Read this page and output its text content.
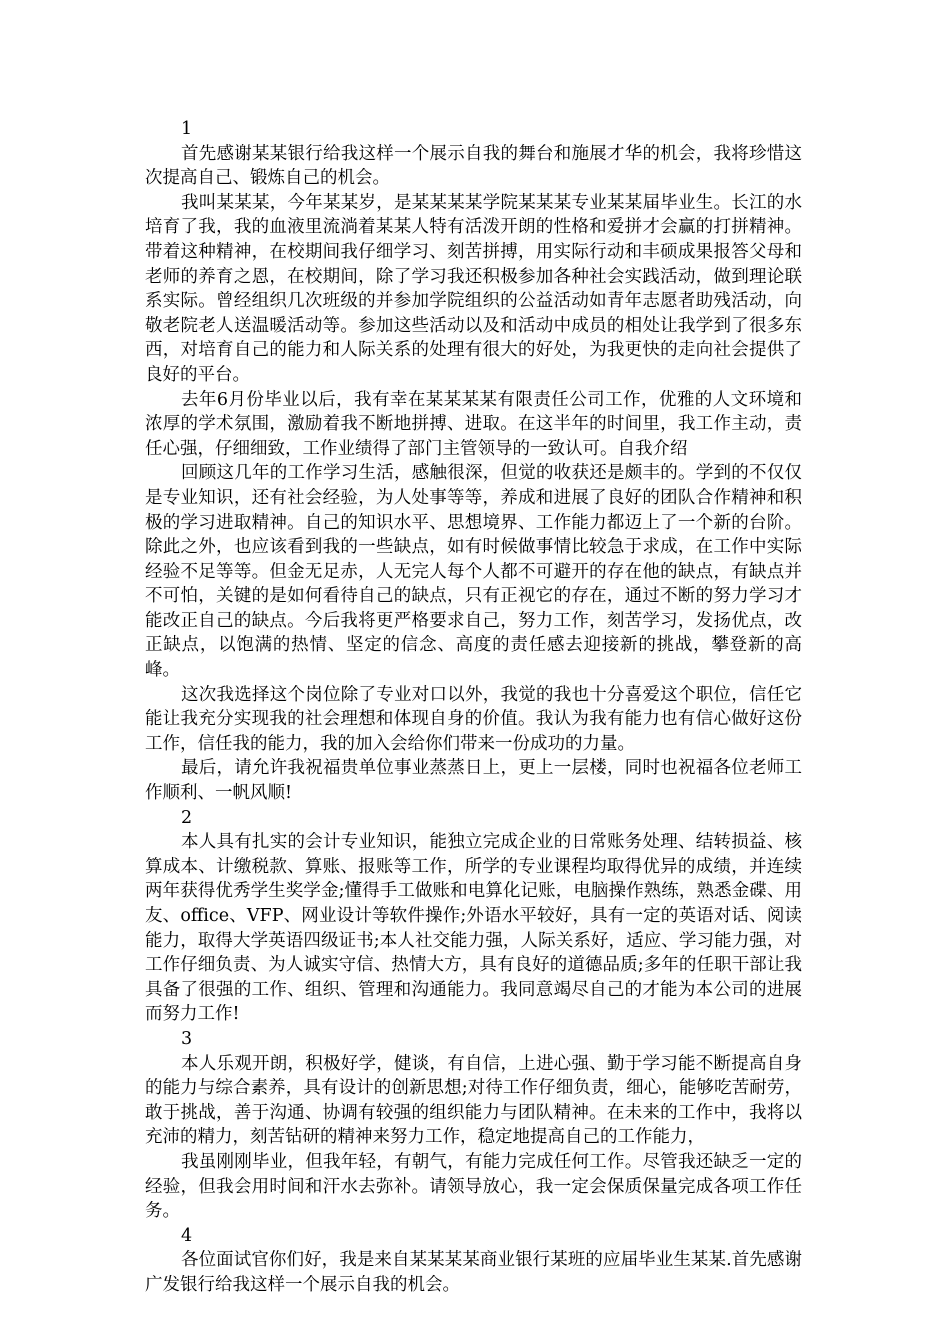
1

首先感谢某某银行给我这样一个展示自我的舞台和施展才华的机会，我将珍惜这次提高自己、锻炼自己的机会。

我叫某某某，今年某某岁，是某某某某学院某某某专业某某届毕业生。长江的水培育了我，我的血液里流淌着某某人特有活泼开朗的性格和爱拼才会赢的打拼精神。带着这种精神，在校期间我仔细学习、刻苦拼搏，用实际行动和丰硕成果报答父母和老师的养育之恩，在校期间，除了学习我还积极参加各种社会实践活动，做到理论联系实际。曾经组织几次班级的并参加学院组织的公益活动如青年志愿者助残活动，向敬老院老人送温暖活动等。参加这些活动以及和活动中成员的相处让我学到了很多东西，对培育自己的能力和人际关系的处理有很大的好处，为我更快的走向社会提供了良好的平台。

去年6月份毕业以后，我有幸在某某某某有限责任公司工作，优雅的人文环境和浓厚的学术氛围，激励着我不断地拼搏、进取。在这半年的时间里，我工作主动，责任心强，仔细细致，工作业绩得了部门主管领导的一致认可。自我介绍

回顾这几年的工作学习生活，感触很深，但觉的收获还是颇丰的。学到的不仅仅是专业知识，还有社会经验，为人处事等等，养成和进展了良好的团队合作精神和积极的学习进取精神。自己的知识水平、思想境界、工作能力都迈上了一个新的台阶。除此之外，也应该看到我的一些缺点，如有时候做事情比较急于求成，在工作中实际经验不足等等。但金无足赤，人无完人每个人都不可避开的存在他的缺点，有缺点并不可怕，关键的是如何看待自己的缺点，只有正视它的存在，通过不断的努力学习才能改正自己的缺点。今后我将更严格要求自己，努力工作，刻苦学习，发扬优点，改正缺点，以饱满的热情、坚定的信念、高度的责任感去迎接新的挑战，攀登新的高峰。

这次我选择这个岗位除了专业对口以外，我觉的我也十分喜爱这个职位，信任它能让我充分实现我的社会理想和体现自身的价值。我认为我有能力也有信心做好这份工作，信任我的能力，我的加入会给你们带来一份成功的力量。

最后，请允许我祝福贵单位事业蒸蒸日上，更上一层楼，同时也祝福各位老师工作顺利、一帆风顺!

2

本人具有扎实的会计专业知识，能独立完成企业的日常账务处理、结转损益、核算成本、计缴税款、算账、报账等工作，所学的专业课程均取得优异的成绩，并连续两年获得优秀学生奖学金;懂得手工做账和电算化记账，电脑操作熟练，熟悉金碟、用友、office、VFP、网业设计等软件操作;外语水平较好，具有一定的英语对话、阅读能力，取得大学英语四级证书;本人社交能力强，人际关系好，适应、学习能力强，对工作仔细负责、为人诚实守信、热情大方，具有良好的道德品质;多年的任职干部让我具备了很强的工作、组织、管理和沟通能力。我同意竭尽自己的才能为本公司的进展而努力工作!

3

本人乐观开朗，积极好学，健谈，有自信，上进心强、勤于学习能不断提高自身的能力与综合素养，具有设计的创新思想;对待工作仔细负责，细心，能够吃苦耐劳，敢于挑战，善于沟通、协调有较强的组织能力与团队精神。在未来的工作中，我将以充沛的精力，刻苦钻研的精神来努力工作，稳定地提高自己的工作能力，

我虽刚刚毕业，但我年轻，有朝气，有能力完成任何工作。尽管我还缺乏一定的经验，但我会用时间和汗水去弥补。请领导放心，我一定会保质保量完成各项工作任务。

4

各位面试官你们好，我是来自某某某某商业银行某班的应届毕业生某某.首先感谢广发银行给我这样一个展示自我的机会。
